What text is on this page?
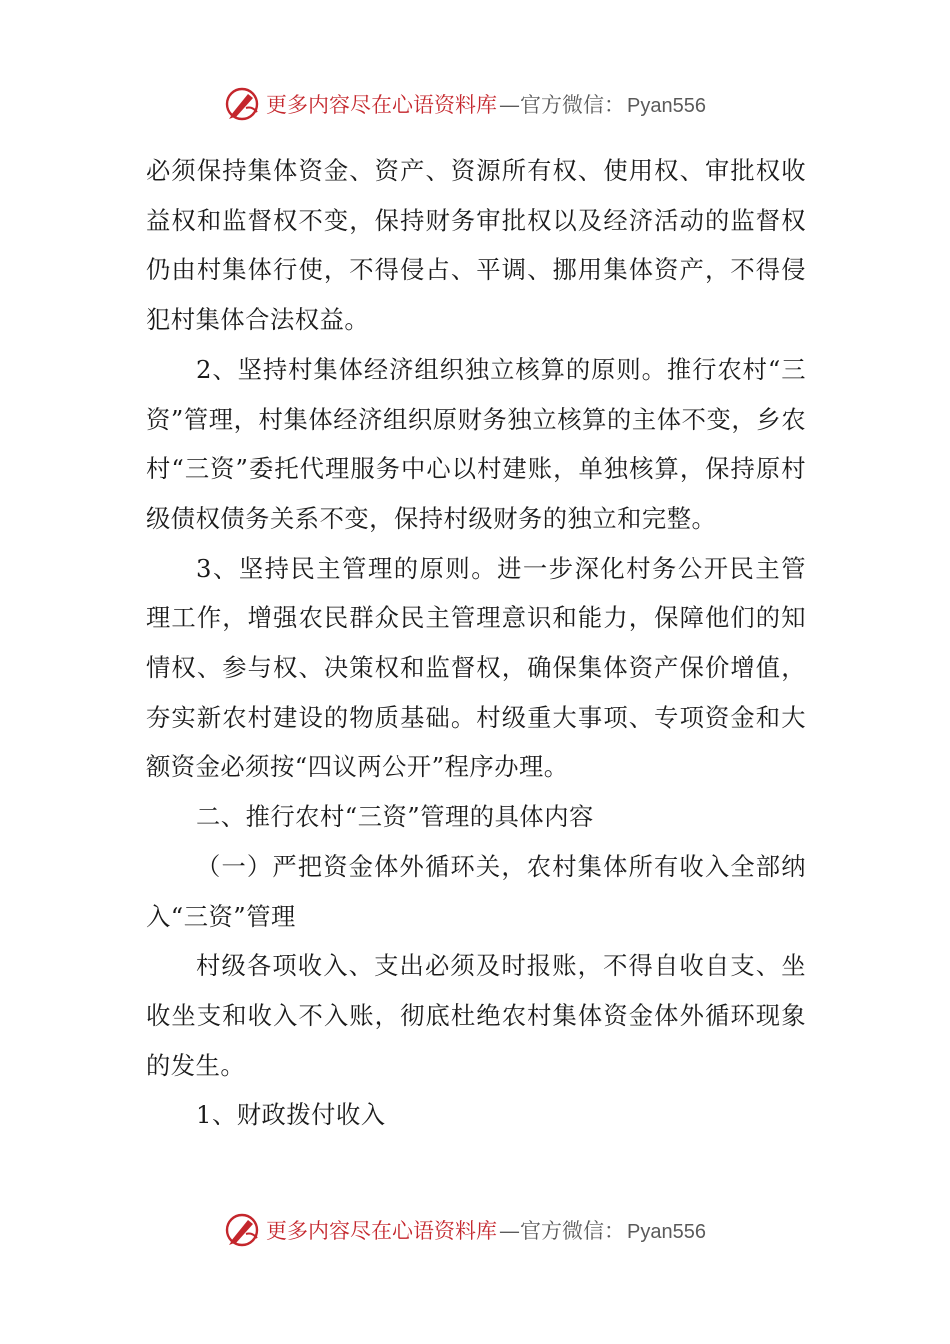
更多内容尽在心语资料库 —官方微信： Pyan556

必须保持集体资金、资产、资源所有权、使用权、审批权收益权和监督权不变，保持财务审批权以及经济活动的监督权仍由村集体行使，不得侵占、平调、挪用集体资产，不得侵犯村集体合法权益。

2、坚持村集体经济组织独立核算的原则。推行农村“三资”管理，村集体经济组织原财务独立核算的主体不变，乡农村“三资”委托代理服务中心以村建账，单独核算，保持原村级债权债务关系不变，保持村级财务的独立和完整。

3、坚持民主管理的原则。进一步深化村务公开民主管理工作，增强农民群众民主管理意识和能力，保障他们的知情权、参与权、决策权和监督权，确保集体资产保价增值，夯实新农村建设的物质基础。村级重大事项、专项资金和大额资金必须按“四议两公开”程序办理。

二、推行农村“三资”管理的具体内容

（一）严把资金体外循环关，农村集体所有收入全部纳入“三资”管理

村级各项收入、支出必须及时报账，不得自收自支、坐收坐支和收入不入账，彻底杜绝农村集体资金体外循环现象的发生。

1、财政拨付收入

更多内容尽在心语资料库 —官方微信： Pyan556
